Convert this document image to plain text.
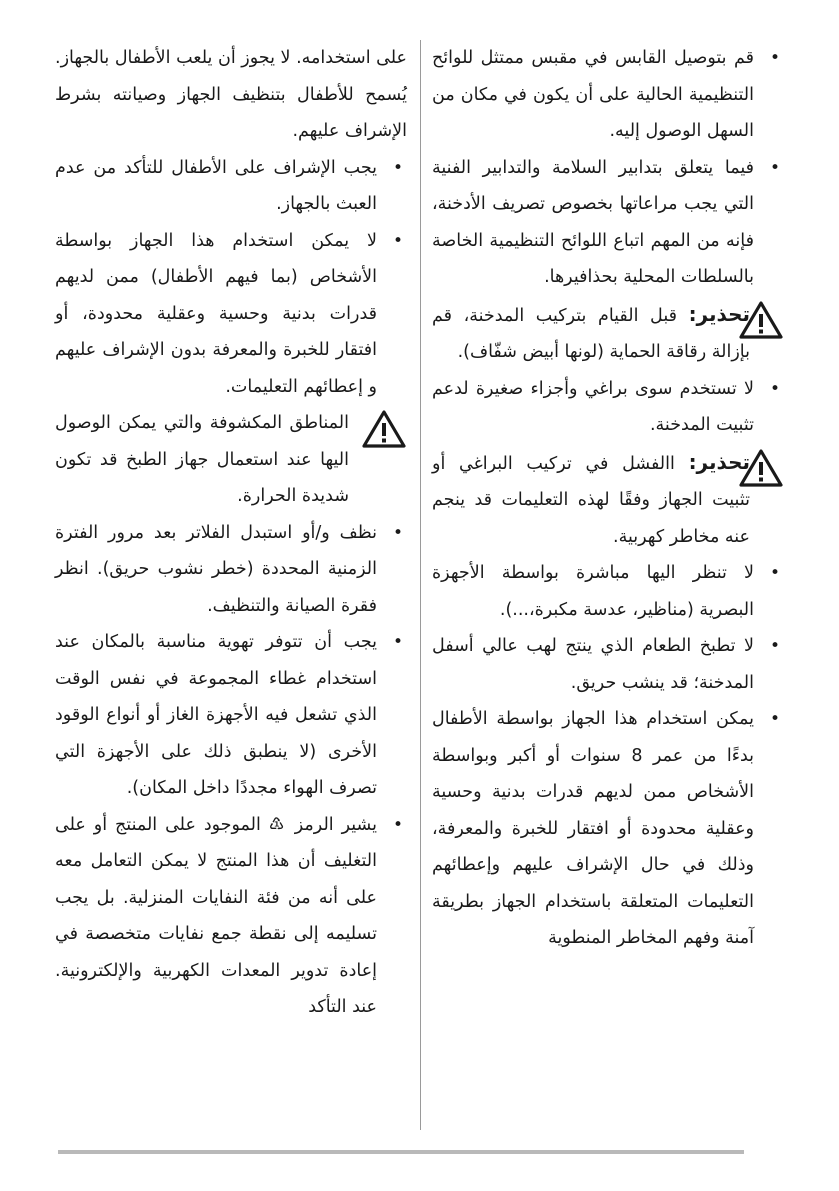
• قم بتوصيل القابس في مقبس ممتثل للوائح التنظيمية الحالية على أن يكون في مكان من السهل الوصول إليه.
• فيما يتعلق بتدابير السلامة والتدابير الفنية التي يجب مراعاتها بخصوص تصريف الأدخنة، فإنه من المهم اتباع اللوائح التنظيمية الخاصة بالسلطات المحلية بحذافيرها.
تحذير: قبل القيام بتركيب المدخنة، قم بإزالة رقاقة الحماية (لونها أبيض شفّاف).
• لا تستخدم سوى براغي وأجزاء صغيرة لدعم تثبيت المدخنة.
تحذير: االفشل في تركيب البراغي أو تثبيت الجهاز وفقًا لهذه التعليمات قد ينجم عنه مخاطر كهربية.
• لا تنظر اليها مباشرة بواسطة الأجهزة البصرية (مناظير، عدسة مكبرة،...).
• لا تطبخ الطعام الذي ينتج لهب عالي أسفل المدخنة؛ قد ينشب حريق.
• يمكن استخدام هذا الجهاز بواسطة الأطفال بدءًا من عمر 8 سنوات أو أكبر وبواسطة الأشخاص ممن لديهم قدرات بدنية وحسية وعقلية محدودة أو افتقار للخبرة والمعرفة، وذلك في حال الإشراف عليهم وإعطائهم التعليمات المتعلقة باستخدام الجهاز بطريقة آمنة وفهم المخاطر المنطوية
على استخدامه. لا يجوز أن يلعب الأطفال بالجهاز. يُسمح للأطفال بتنظيف الجهاز وصيانته بشرط الإشراف عليهم.
• يجب الإشراف على الأطفال للتأكد من عدم العبث بالجهاز.
• لا يمكن استخدام هذا الجهاز بواسطة الأشخاص (بما فيهم الأطفال) ممن لديهم قدرات بدنية وحسية وعقلية محدودة، أو افتقار للخبرة والمعرفة بدون الإشراف عليهم و إعطائهم التعليمات.
المناطق المكشوفة والتي يمكن الوصول اليها عند استعمال جهاز الطبخ قد تكون شديدة الحرارة.
• نظف و/أو استبدل الفلاتر بعد مرور الفترة الزمنية المحددة (خطر نشوب حريق). انظر فقرة الصيانة والتنظيف.
• يجب أن تتوفر تهوية مناسبة بالمكان عند استخدام غطاء المجموعة في نفس الوقت الذي تشعل فيه الأجهزة الغاز أو أنواع الوقود الأخرى (لا ينطبق ذلك على الأجهزة التي تصرف الهواء مجددًا داخل المكان).
• يشير الرمز ♳ الموجود على المنتج أو على التغليف أن هذا المنتج لا يمكن التعامل معه على أنه من فئة النفايات المنزلية. بل يجب تسليمه إلى نقطة جمع نفايات متخصصة في إعادة تدوير المعدات الكهربية والإلكترونية. عند التأكد
